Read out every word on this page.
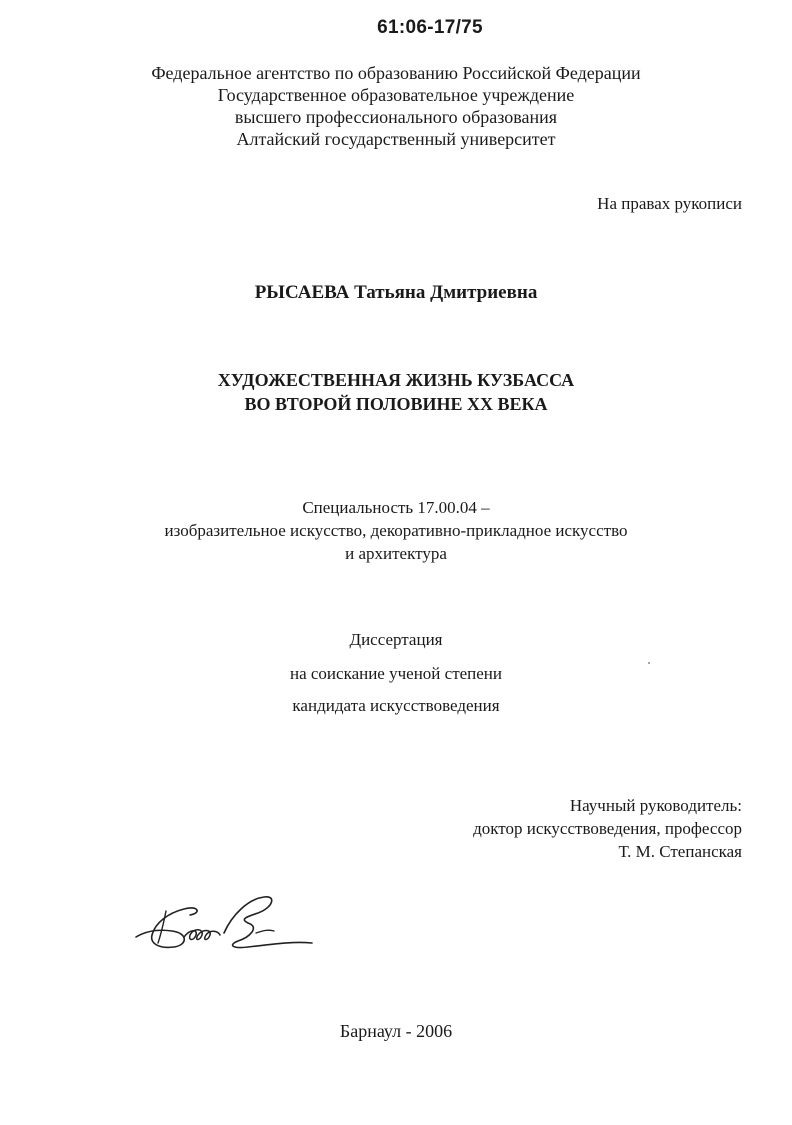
61:06-17/75
Федеральное агентство по образованию Российской Федерации
Государственное образовательное учреждение
высшего профессионального образования
Алтайский государственный университет
На правах рукописи
РЫСАЕВА Татьяна Дмитриевна
ХУДОЖЕСТВЕННАЯ ЖИЗНЬ КУЗБАССА
ВО ВТОРОЙ ПОЛОВИНЕ XX ВЕКА
Специальность 17.00.04 –
изобразительное искусство, декоративно-прикладное искусство
и архитектура
Диссертация
на соискание ученой степени
кандидата искусствоведения
Научный руководитель:
доктор искусствоведения, профессор
Т. М. Степанская
Барнаул - 2006
